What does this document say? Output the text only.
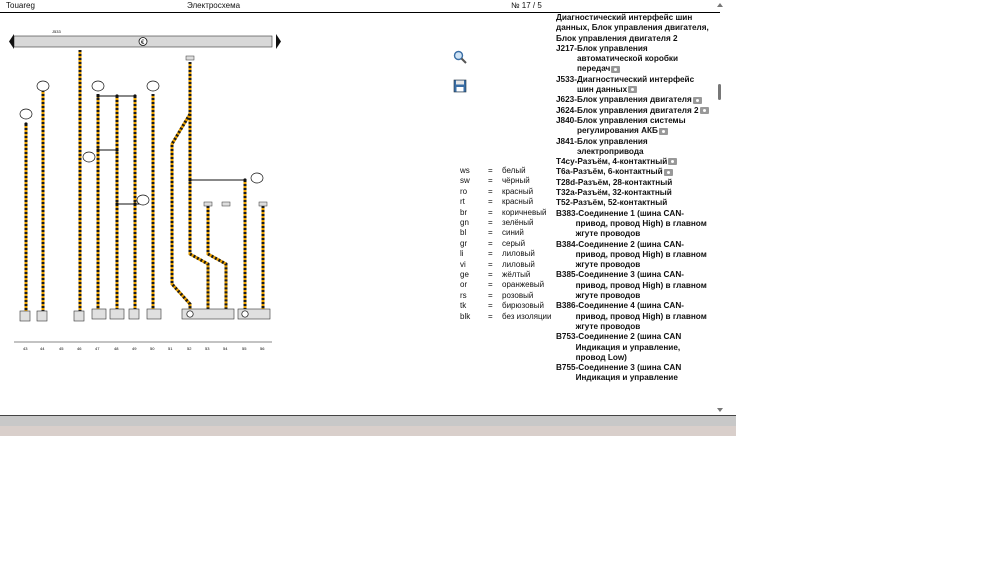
Touareg	Электросхема	№ 17 / 5
€
J533
43	44	45	46	47	48	49	50	51	52	53	54	55	56
ws = белый
sw = чёрный
ro	= красный
rt	= красный
br	= коричневый
gn = зелёный
bl	= синий
gr	= серый
li	= лиловый
vi	= лиловый
ge = жёлтый
or	= оранжевый
rs	= розовый
tk	= бирюзовый
blk = без изоляции
Диагностический интерфейс шин данных, Блок управления двигателя, Блок управления двигателя 2
J217- Блок управления автоматической коробки передач
J533- Диагностический интерфейс шин данных
J623- Блок управления двигателя
J624- Блок управления двигателя 2
J840- Блок управления системы регулирования АКБ
J841- Блок управления электропривода
T4cy- Разъём, 4-контактный
T6a- Разъём, 6-контактный
T28d- Разъём, 28-контактный
T32a- Разъём, 32-контактный
T52- Разъём, 52-контактный
B383 -Соединение 1 (шина CAN-привод, провод High) в главном жгуте проводов
B384 -Соединение 2 (шина CAN-привод, провод High) в главном жгуте проводов
B385 -Соединение 3 (шина CAN-привод, провод High) в главном жгуте проводов
B386 -Соединение 4 (шина CAN-привод, провод High) в главном жгуте проводов
B753 -Соединение 2 (шина CAN Индикация и управление, провод Low)
B755 -Соединение 3 (шина CAN Индикация и управление
